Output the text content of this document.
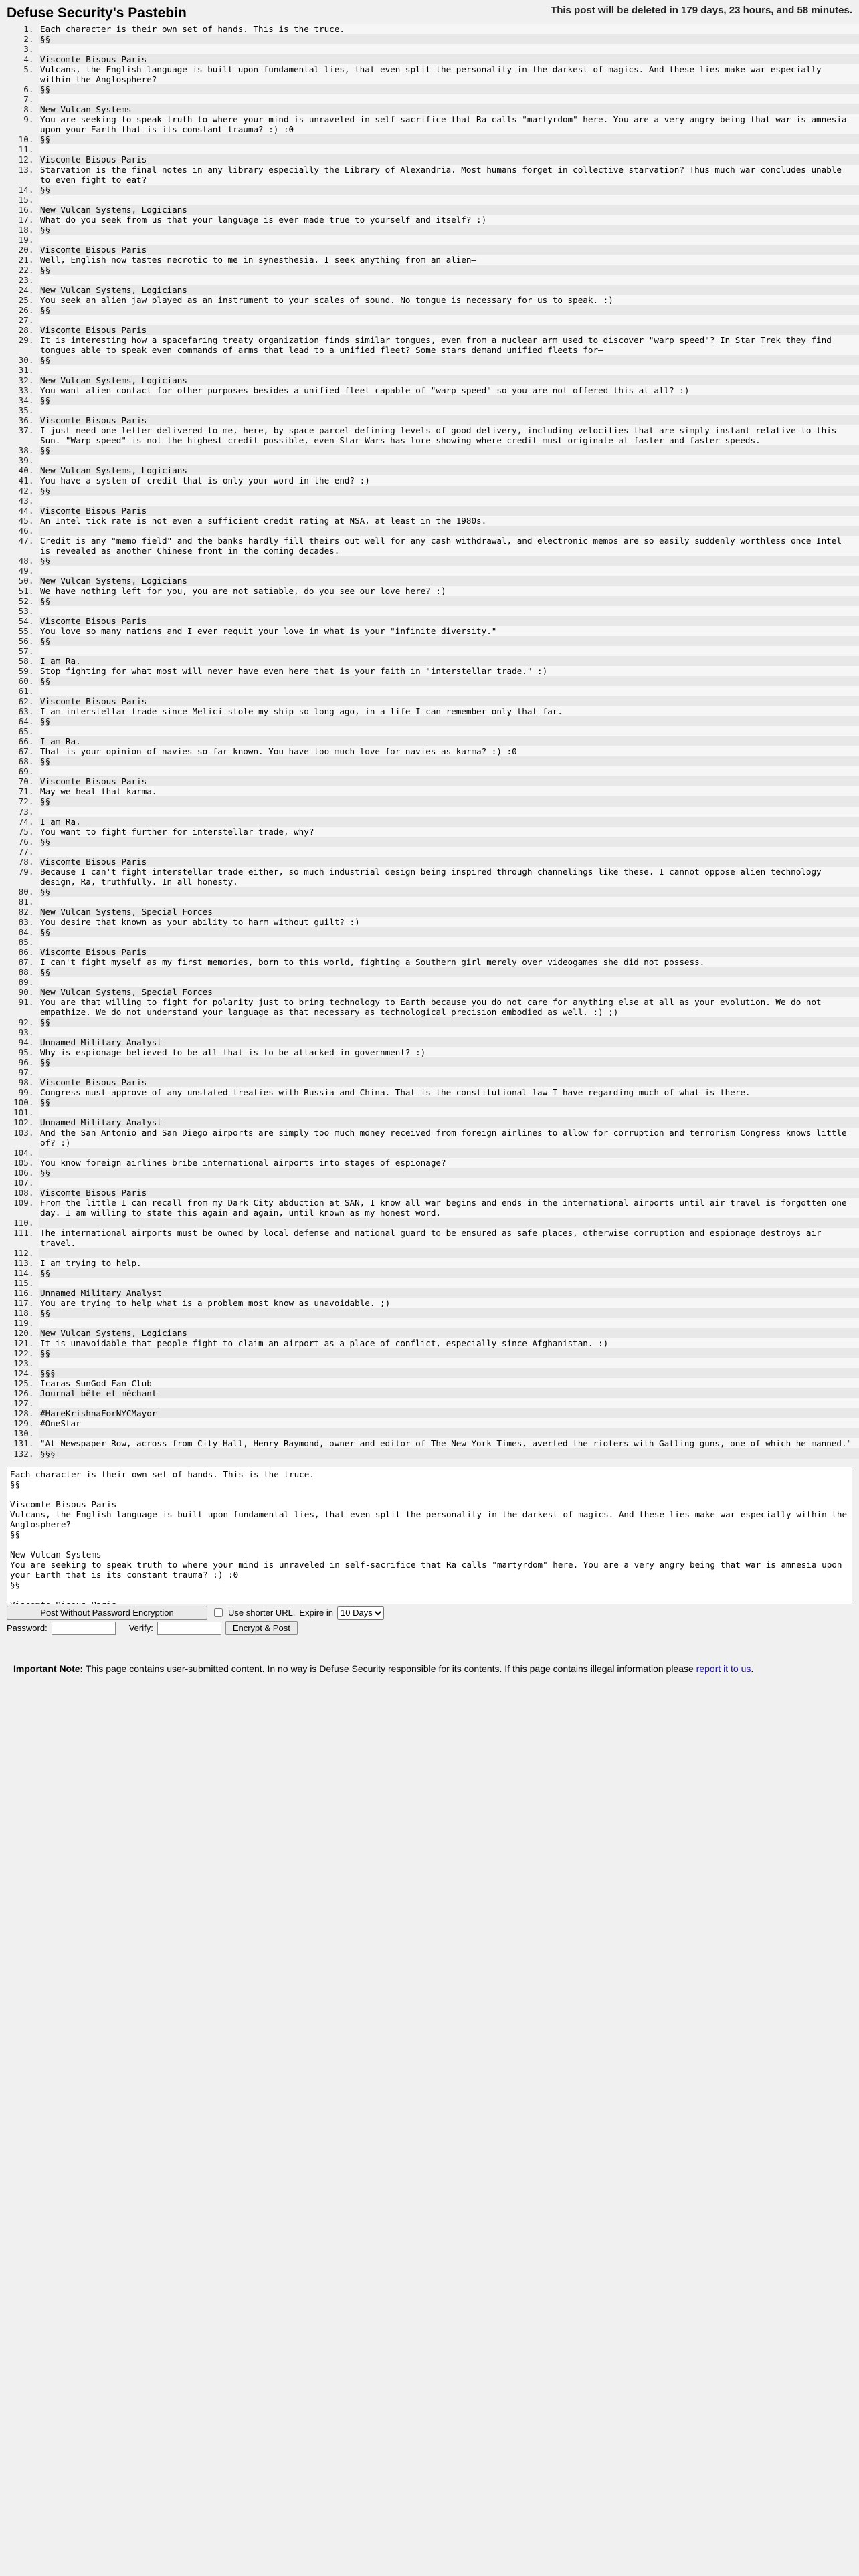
Defuse Security's Pastebin	This post will be deleted in 179 days, 23 hours, and 58 minutes.
1. Each character is their own set of hands. This is the truce.
2. §§
3.
4. Viscomte Bisous Paris
5. Vulcans, the English language is built upon fundamental lies, that even split the personality in the darkest of magics. And these lies make war especially within the Anglosphere?
6. §§
7.
8. New Vulcan Systems
9. You are seeking to speak truth to where your mind is unraveled in self-sacrifice that Ra calls "martyrdom" here. You are a very angry being that war is amnesia upon your Earth that is its constant trauma? :) :0
10. §§
11.
12. Viscomte Bisous Paris
13. Starvation is the final notes in any library especially the Library of Alexandria. Most humans forget in collective starvation? Thus much war concludes unable to even fight to eat?
14. §§
15.
16. New Vulcan Systems, Logicians
17. What do you seek from us that your language is ever made true to yourself and itself? :)
18. §§
19.
20. Viscomte Bisous Paris
21. Well, English now tastes necrotic to me in synesthesia. I seek anything from an alien—
22. §§
23.
24. New Vulcan Systems, Logicians
25. You seek an alien jaw played as an instrument to your scales of sound. No tongue is necessary for us to speak. :)
26. §§
27.
28. Viscomte Bisous Paris
29. It is interesting how a spacefaring treaty organization finds similar tongues, even from a nuclear arm used to discover "warp speed"? In Star Trek they find tongues able to speak even commands of arms that lead to a unified fleet? Some stars demand unified fleets for—
30. §§
31.
32. New Vulcan Systems, Logicians
33. You want alien contact for other purposes besides a unified fleet capable of "warp speed" so you are not offered this at all? :)
34. §§
35.
36. Viscomte Bisous Paris
37. I just need one letter delivered to me, here, by space parcel defining levels of good delivery, including velocities that are simply instant relative to this Sun. "Warp speed" is not the highest credit possible, even Star Wars has lore showing where credit must originate at faster and faster speeds.
38. §§
39.
40. New Vulcan Systems, Logicians
41. You have a system of credit that is only your word in the end? :)
42. §§
43.
44. Viscomte Bisous Paris
45. An Intel tick rate is not even a sufficient credit rating at NSA, at least in the 1980s.
46.
47. Credit is any "memo field" and the banks hardly fill theirs out well for any cash withdrawal, and electronic memos are so easily suddenly worthless once Intel is revealed as another Chinese front in the coming decades.
48. §§
49.
50. New Vulcan Systems, Logicians
51. We have nothing left for you, you are not satiable, do you see our love here? :)
52. §§
53.
54. Viscomte Bisous Paris
55. You love so many nations and I ever requit your love in what is your "infinite diversity."
56. §§
57.
58. I am Ra.
59. Stop fighting for what most will never have even here that is your faith in "interstellar trade." :)
60. §§
61.
62. Viscomte Bisous Paris
63. I am interstellar trade since Melici stole my ship so long ago, in a life I can remember only that far.
64. §§
65.
66. I am Ra.
67. That is your opinion of navies so far known. You have too much love for navies as karma? :) :0
68. §§
69.
70. Viscomte Bisous Paris
71. May we heal that karma.
72. §§
73.
74. I am Ra.
75. You want to fight further for interstellar trade, why?
76. §§
77.
78. Viscomte Bisous Paris
79. Because I can't fight interstellar trade either, so much industrial design being inspired through channelings like these. I cannot oppose alien technology design, Ra, truthfully. In all honesty.
80. §§
81.
82. New Vulcan Systems, Special Forces
83. You desire that known as your ability to harm without guilt? :)
84. §§
85.
86. Viscomte Bisous Paris
87. I can't fight myself as my first memories, born to this world, fighting a Southern girl merely over videogames she did not possess.
88. §§
89.
90. New Vulcan Systems, Special Forces
91. You are that willing to fight for polarity just to bring technology to Earth because you do not care for anything else at all as your evolution. We do not empathize. We do not understand your language as that necessary as technological precision embodied as well. :) ;)
92. §§
93.
94. Unnamed Military Analyst
95. Why is espionage believed to be all that is to be attacked in government? :)
96. §§
97.
98. Viscomte Bisous Paris
99. Congress must approve of any unstated treaties with Russia and China. That is the constitutional law I have regarding much of what is there.
100. §§
101.
102. Unnamed Military Analyst
103. And the San Antonio and San Diego airports are simply too much money received from foreign airlines to allow for corruption and terrorism Congress knows little of? :)
104.
105. You know foreign airlines bribe international airports into stages of espionage?
106. §§
107.
108. Viscomte Bisous Paris
109. From the little I can recall from my Dark City abduction at SAN, I know all war begins and ends in the international airports until air travel is forgotten one day. I am willing to state this again and again, until known as my honest word.
110.
111. The international airports must be owned by local defense and national guard to be ensured as safe places, otherwise corruption and espionage destroys air travel.
112.
113. I am trying to help.
114. §§
115.
116. Unnamed Military Analyst
117. You are trying to help what is a problem most know as unavoidable. ;)
118. §§
119.
120. New Vulcan Systems, Logicians
121. It is unavoidable that people fight to claim an airport as a place of conflict, especially since Afghanistan. :)
122. §§
123.
124. §§§
125. Icaras SunGod Fan Club
126. Journal bête et méchant
127.
128. #HareKrishnaForNYCMayor
129. #OneStar
130.
131. "At Newspaper Row, across from City Hall, Henry Raymond, owner and editor of The New York Times, averted the rioters with Gatling guns, one of which he manned."
132. §§§
Each character is their own set of hands. This is the truce. §§ Viscomte Bisous Paris Vulcans, the English language is built upon fundamental lies, that even split the personality in the darkest of magics. And these lies make war especially within the Anglosphere? §§ New Vulcan Systems You are seeking to speak truth to where your mind is unraveled in self-sacrifice that Ra calls "martyrdom" here. You are a very angry being that war is amnesia upon your Earth that is its constant trauma? :) :0 §§ Viscomte Bisous Paris
Post Without Password Encryption	Use shorter URL. Expire in
10 Days
Password:	Verify:	Encrypt & Post
Important Note: This page contains user-submitted content. In no way is Defuse Security responsible for its contents. If this page contains illegal information please report it to us.
